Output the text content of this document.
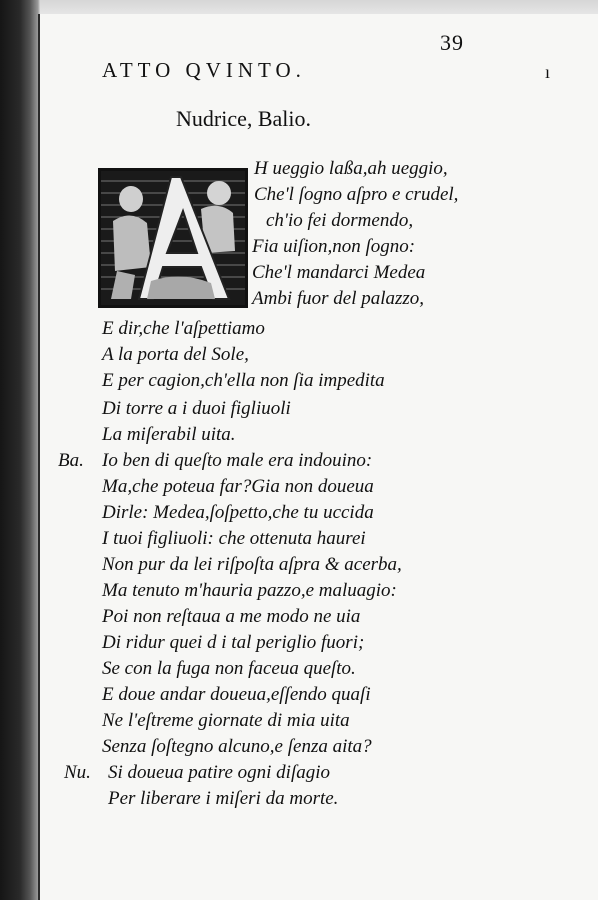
39
ATTO QVINTO.	ı
Nudrice, Balio.
H ueggio laßa,ah ueggio,
Che'l ſogno aſpro e crudel,
ch'io fei dormendo,
Fia uiſion,non ſogno:
Che'l mandarci Medea
Ambi fuor del palazzo,
E dir,che l'aſpettiamo
A la porta del Sole,
E per cagion,ch'ella non ſia impedita
Di torre a i duoi figliuoli
La miſerabil uita.
Ba. Io ben di queſto male era indouino:
Ma,che poteua far?Gia non doueua
Dirle: Medea,ſoſpetto,che tu uccida
I tuoi figliuoli: che ottenuta haurei
Non pur da lei riſpoſta aſpra & acerba,
Ma tenuto m'hauria pazzo,e maluagio:
Poi non reſtaua a me modo ne uia
Di ridur quei d i tal periglio fuori;
Se con la fuga non faceua queſto.
E doue andar doueua,eſſendo quaſi
Ne l'eſtreme giornate di mia uita
Senza ſoſtegno alcuno,e ſenza aita?
Nu. Si doueua patire ogni diſagio
Per liberare i miſeri da morte.
